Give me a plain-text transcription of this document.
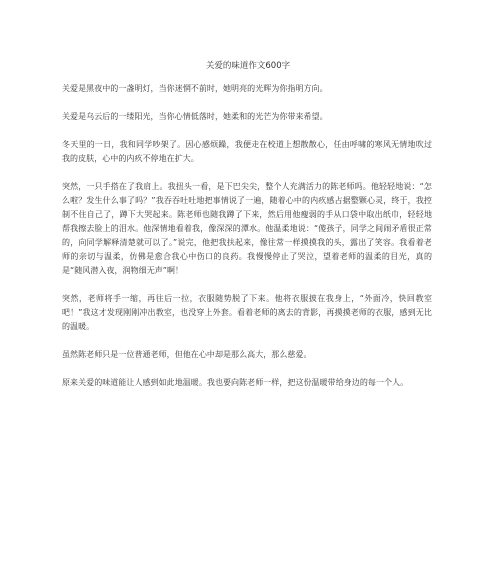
关爱的味道作文600字

关爱是黑夜中的一盏明灯，当你迷惘不前时，她明亮的光辉为你指明方向。

关爱是乌云后的一缕阳光，当你心情低落时，她柔和的光芒为你带来希望。

冬天里的一日，我和同学吵架了。因心感烦躁，我便走在校道上想散散心，任由呼啸的寒风无情地吹过我的皮肤，心中的内疚不停地在扩大。

突然，一只手搭在了我肩上。我扭头一看，是下巴尖尖，整个人充满活力的陈老师吗。他轻轻地说：“怎么啦？发生什么事了吗？”我吞吞吐吐地把事情说了一遍，随着心中的内疚感占据整颗心灵，终于，我控制不住自己了，蹲下大哭起来。陈老师也随我蹲了下来，然后用他瘦弱的手从口袋中取出纸巾，轻轻地帮我擦去脸上的泪水。他深情地看着我，像深深的潭水。他温柔地说：“傻孩子，同学之间闹矛盾很正常的，向同学解释清楚就可以了。”说完，他把我扶起来，像往常一样摸摸我的头，露出了笑容。我看着老师的亲切与温柔，仿佛是愈合我心中伤口的良药。我慢慢停止了哭泣，望着老师的温柔的目光，真的是“随风潜入夜，润物细无声”啊！

突然，老师将手一缩，再往后一拉，衣服随势脱了下来。他将衣服披在我身上，“外面冷，快回教室吧！”我这才发现刚刚冲出教室，也没穿上外套。看着老师的离去的背影，再摸摸老师的衣服，感到无比的温暖。

虽然陈老师只是一位普通老师，但他在心中却是那么高大，那么慈爱。

原来关爱的味道能让人感到如此地温暖。我也要向陈老师一样，把这份温暖带给身边的每一个人。
